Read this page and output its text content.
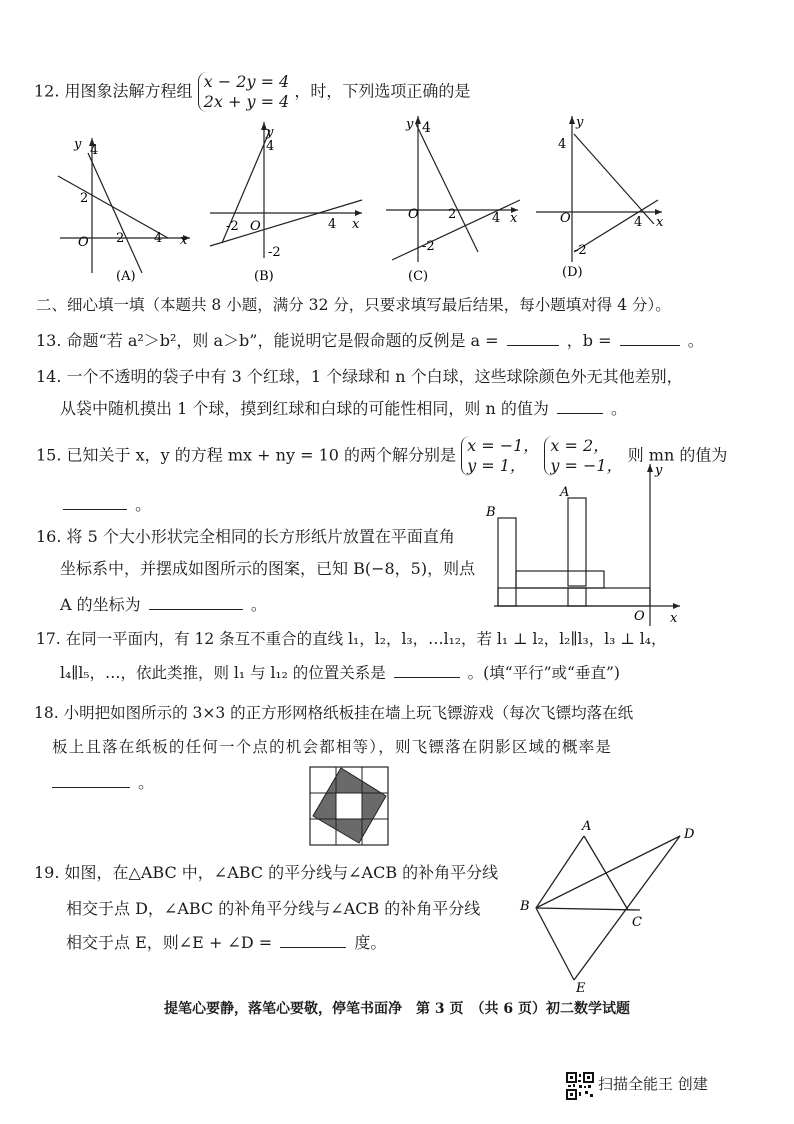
12. 用图象法解方程组 x − 2y = 4
2x + y = 4 ，时，下列选项正确的是
y 4
2
O 2 4 x
(A)
y
4
-2 O	4 x
-2
(B)
y 4
O 2	4 x
-2
(C)
y
4
O	4 x
-2
(D)
二、细心填一填（本题共 8 小题，满分 32 分，只要求填写最后结果，每小题填对得 4 分）。
13. 命题“若 a²＞b²，则 a＞b”，能说明它是假命题的反例是 a =	，b =	。
14. 一个不透明的袋子中有 3 个红球，1 个绿球和 n 个白球，这些球除颜色外无其他差别，
从袋中随机摸出 1 个球，摸到红球和白球的可能性相同，则 n 的值为	。
15. 已知关于 x，y 的方程 mx + ny = 10 的两个解分别是 x = −1，
y = 1， x = 2，
y = −1， 则 mn 的值为
。
16. 将 5 个大小形状完全相同的长方形纸片放置在平面直角
坐标系中，并摆成如图所示的图案，已知 B(−8，5)，则点
A 的坐标为	。
B
A
O x
y
17. 在同一平面内，有 12 条互不重合的直线 l₁，l₂，l₃，…l₁₂，若 l₁ ⊥ l₂，l₂∥l₃，l₃ ⊥ l₄，
l₄∥l₅，…，依此类推，则 l₁ 与 l₁₂ 的位置关系是	。(填“平行”或“垂直”)
18. 小明把如图所示的 3×3 的正方形网格纸板挂在墙上玩飞镖游戏（每次飞镖均落在纸
板上且落在纸板的任何一个点的机会都相等），则飞镖落在阴影区域的概率是
。
19. 如图，在△ABC 中，∠ABC 的平分线与∠ACB 的补角平分线
相交于点 D，∠ABC 的补角平分线与∠ACB 的补角平分线
相交于点 E，则∠E + ∠D =	度。
A
B
C
D
E
提笔心要静，落笔心要敬，停笔书面净　第 3 页　（共 6 页）初二数学试题
扫描全能王 创建
